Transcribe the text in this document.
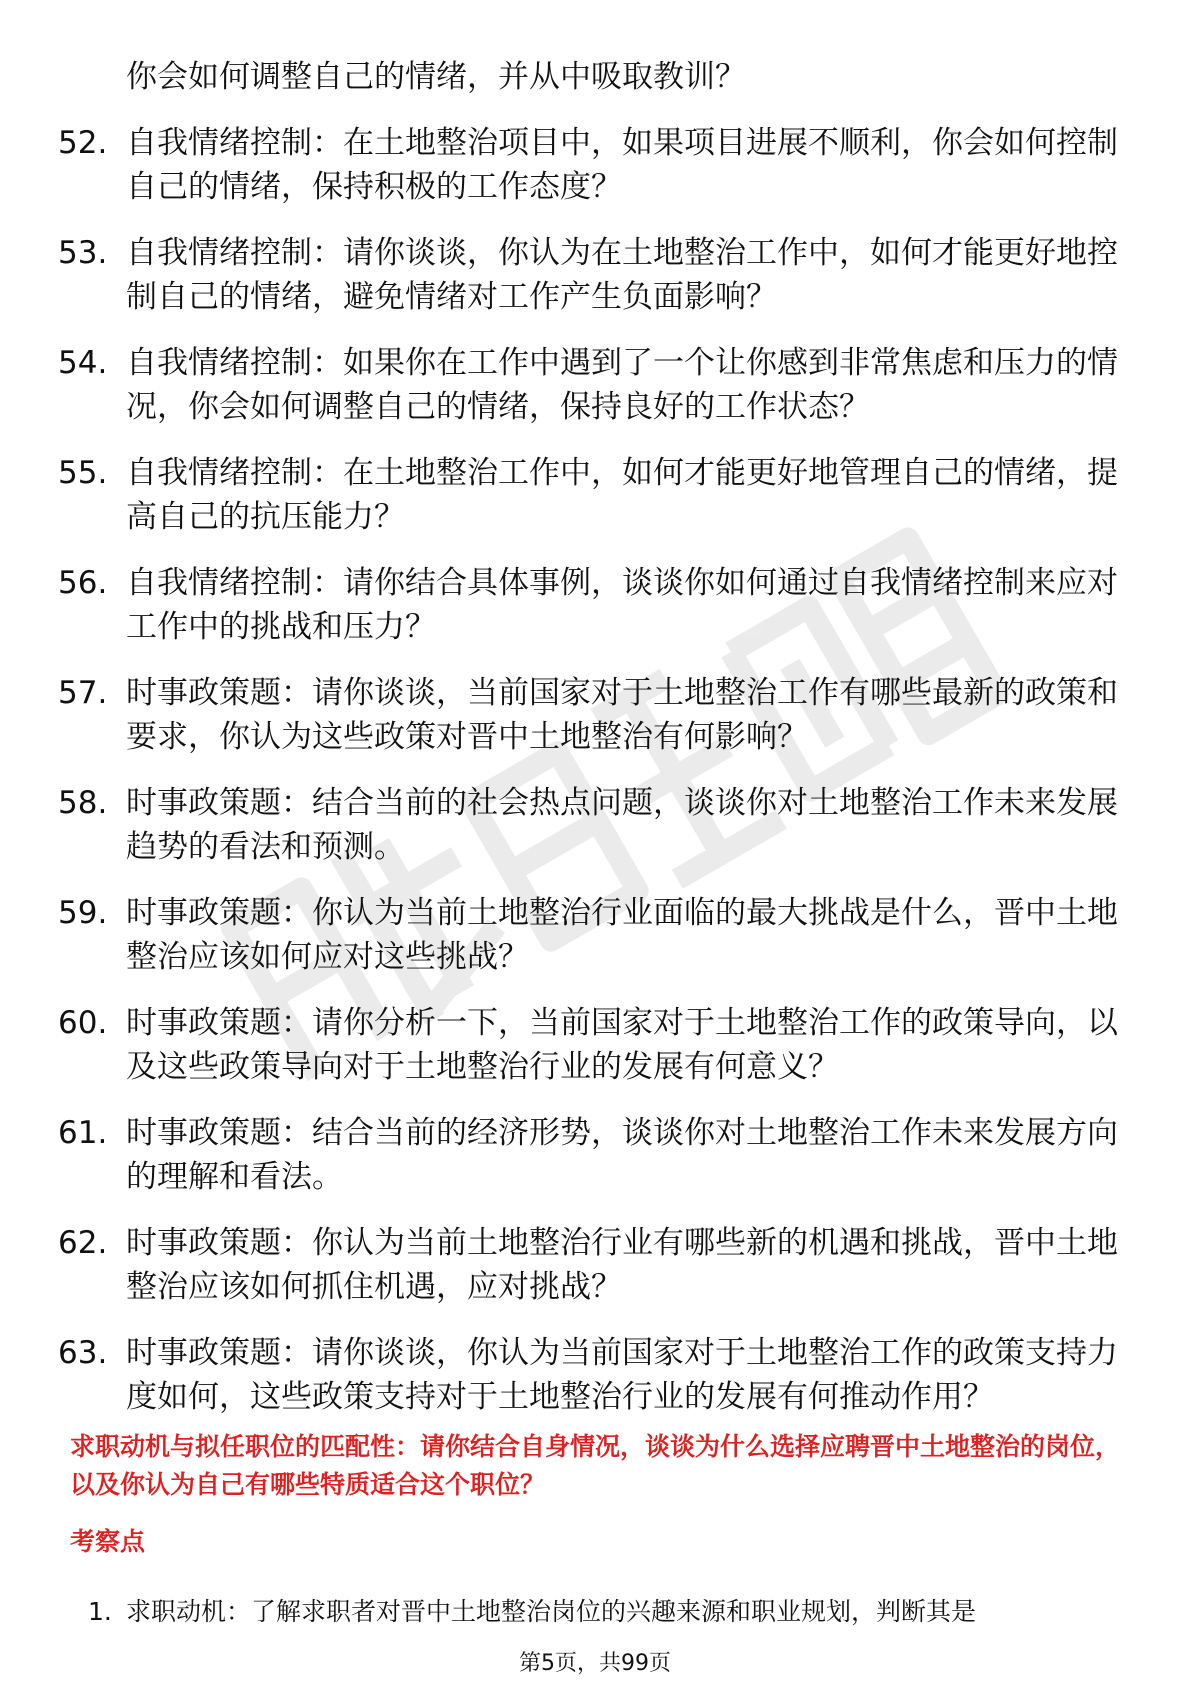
你会如何调整自己的情绪，并从中吸取教训？
52. 自我情绪控制：在土地整治项目中，如果项目进展不顺利，你会如何控制自己的情绪，保持积极的工作态度？
53. 自我情绪控制：请你谈谈，你认为在土地整治工作中，如何才能更好地控制自己的情绪，避免情绪对工作产生负面影响？
54. 自我情绪控制：如果你在工作中遇到了一个让你感到非常焦虑和压力的情况，你会如何调整自己的情绪，保持良好的工作状态？
55. 自我情绪控制：在土地整治工作中，如何才能更好地管理自己的情绪，提高自己的抗压能力？
56. 自我情绪控制：请你结合具体事例，谈谈你如何通过自我情绪控制来应对工作中的挑战和压力？
57. 时事政策题：请你谈谈，当前国家对于土地整治工作有哪些最新的政策和要求，你认为这些政策对晋中土地整治有何影响？
58. 时事政策题：结合当前的社会热点问题，谈谈你对土地整治工作未来发展趋势的看法和预测。
59. 时事政策题：你认为当前土地整治行业面临的最大挑战是什么，晋中土地整治应该如何应对这些挑战？
60. 时事政策题：请你分析一下，当前国家对于土地整治工作的政策导向，以及这些政策导向对于土地整治行业的发展有何意义？
61. 时事政策题：结合当前的经济形势，谈谈你对土地整治工作未来发展方向的理解和看法。
62. 时事政策题：你认为当前土地整治行业有哪些新的机遇和挑战，晋中土地整治应该如何抓住机遇，应对挑战？
63. 时事政策题：请你谈谈，你认为当前国家对于土地整治工作的政策支持力度如何，这些政策支持对于土地整治行业的发展有何推动作用？
求职动机与拟任职位的匹配性：请你结合自身情况，谈谈为什么选择应聘晋中土地整治的岗位，以及你认为自己有哪些特质适合这个职位？
考察点
1. 求职动机：了解求职者对晋中土地整治岗位的兴趣来源和职业规划，判断其是
第5页，共99页
